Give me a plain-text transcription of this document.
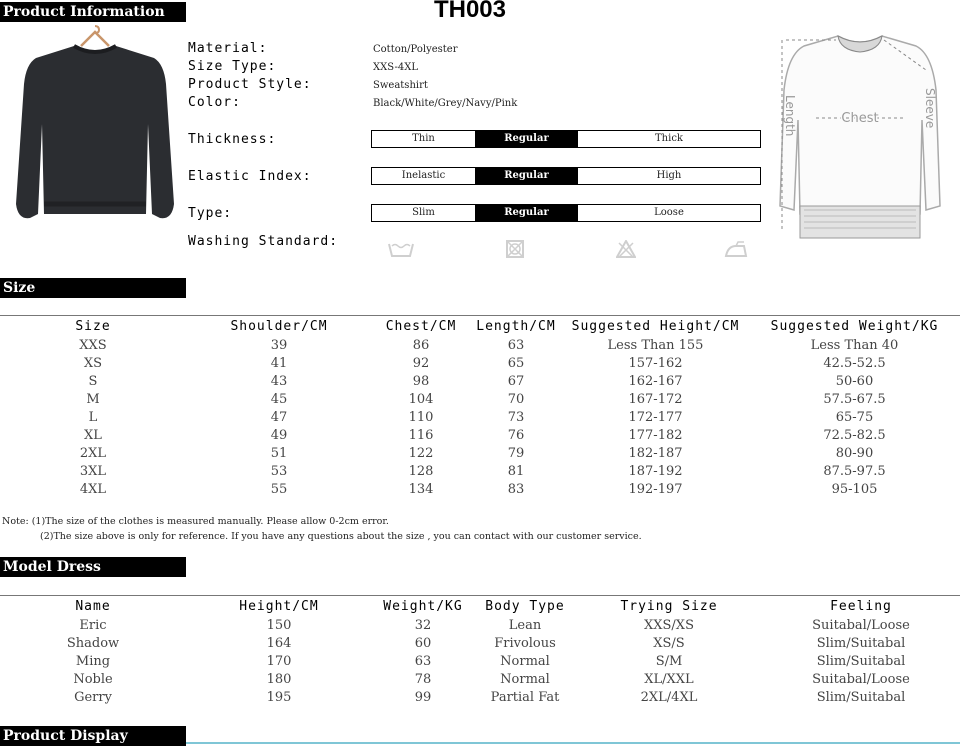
Product Information	TH003
Material:	Cotton/Polyester
Size Type:	XXS-4XL
Product Style:	Sweatshirt
Color:	Black/White/Grey/Navy/Pink
Thickness:	Thin	Regular	Thick
Elastic Index:	Inelastic	Regular	High
Type:	Slim	Regular	Loose
Washing Standard:
Chest
Length	Sleeve
Size
Size	Shoulder/CM	Chest/CM	Length/CM	Suggested Height/CM	Suggested Weight/KG
XXS	39	86	63	Less Than 155	Less Than 40
XS	41	92	65	157-162	42.5-52.5
S	43	98	67	162-167	50-60
M	45	104	70	167-172	57.5-67.5
L	47	110	73	172-177	65-75
XL	49	116	76	177-182	72.5-82.5
2XL	51	122	79	182-187	80-90
3XL	53	128	81	187-192	87.5-97.5
4XL	55	134	83	192-197	95-105
Note: (1)The size of the clothes is measured manually. Please allow 0-2cm error.
(2)The size above is only for reference. If you have any questions about the size , you can contact with our customer service.
Model Dress
Name	Height/CM	Weight/KG	Body Type	Trying Size	Feeling
Eric	150	32	Lean	XXS/XS	Suitabal/Loose
Shadow	164	60	Frivolous	XS/S	Slim/Suitabal
Ming	170	63	Normal	S/M	Slim/Suitabal
Noble	180	78	Normal	XL/XXL	Suitabal/Loose
Gerry	195	99	Partial Fat	2XL/4XL	Slim/Suitabal
Product Display
